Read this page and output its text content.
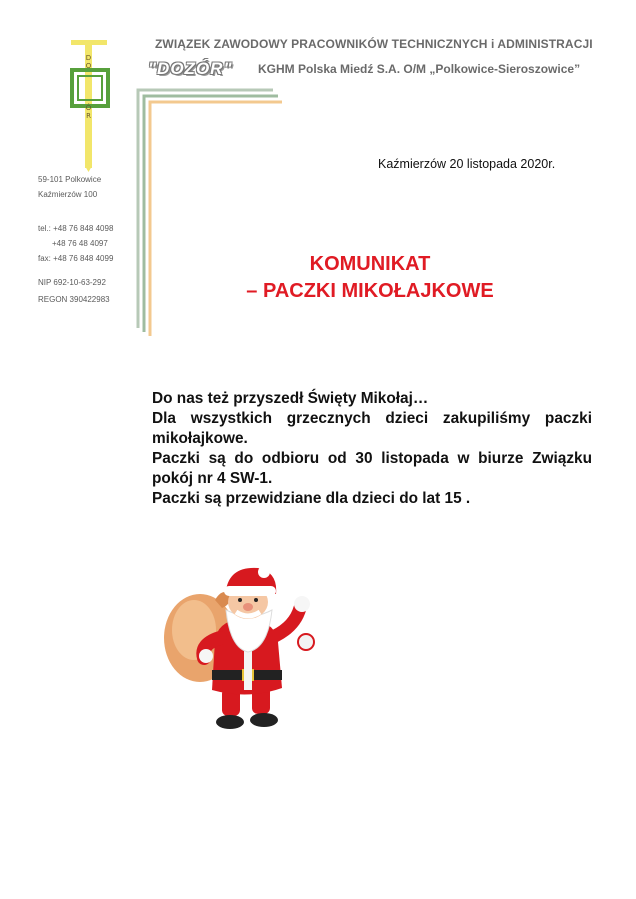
D
O
Ó
R
ZWIĄZEK ZAWODOWY PRACOWNIKÓW TECHNICZNYCH i ADMINISTRACJI
"DOZÓR" KGHM Polska Miedź S.A. O/M „Polkowice-Sieroszowice”
59-101 Polkowice
Kaźmierzów 100
tel.: +48 76 848 4098
+48 76 48 4097
fax: +48 76 848 4099
NIP 692-10-63-292
REGON 390422983
Kaźmierzów 20 listopada 2020r.
KOMUNIKAT
– PACZKI MIKOŁAJKOWE

Do nas też przyszedł Święty Mikołaj…

Dla wszystkich grzecznych dzieci zakupiliśmy paczki mikołajkowe.

Paczki są do odbioru od 30 listopada w biurze Związku pokój nr 4 SW-1.

Paczki są przewidziane dla dzieci do lat 15 .
